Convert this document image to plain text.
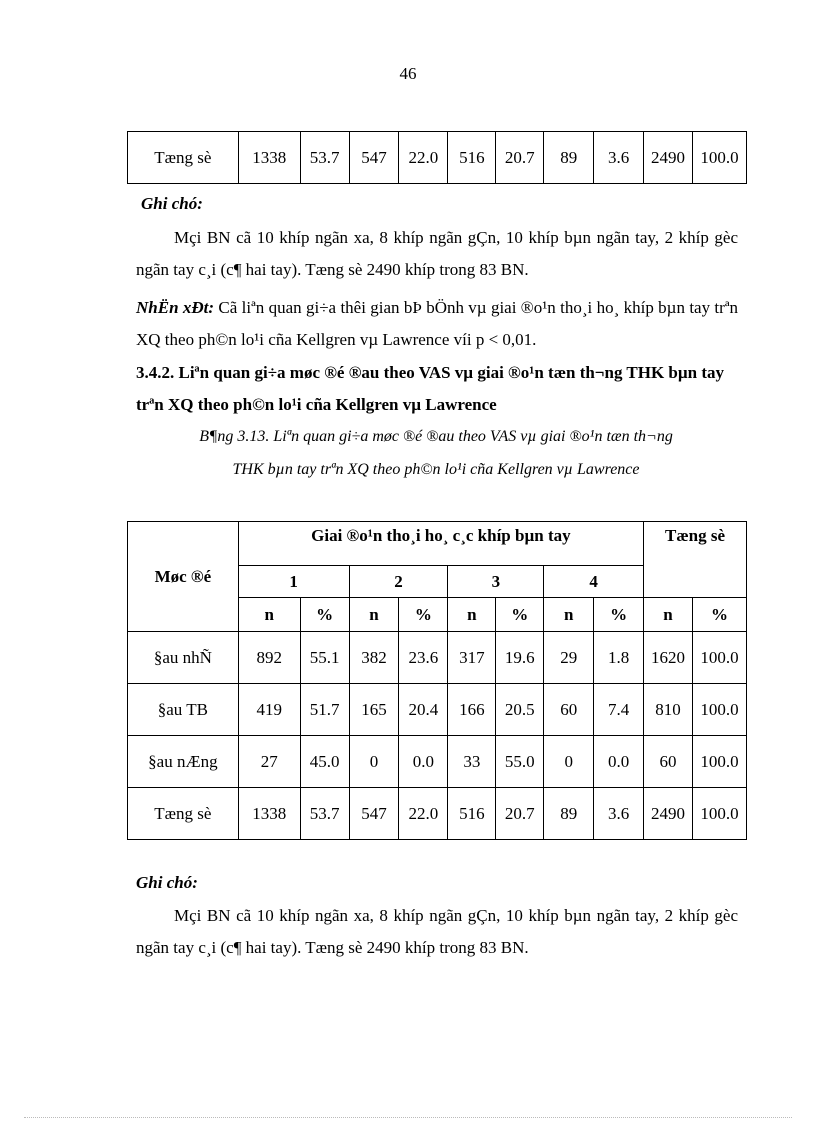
46
Tæng sè	1338	53.7	547	22.0	516	20.7	89	3.6	2490	100.0
Ghi chó:
Mçi BN cã 10 khíp ngãn xa, 8 khíp ngãn gÇn, 10 khíp bµn ngãn tay, 2 khíp gèc ngãn tay c¸i (c¶ hai tay). Tæng sè 2490 khíp trong 83 BN.
NhËn xÐt: Cã liªn quan gi÷a thêi gian bÞ bÖnh vµ giai ®o¹n tho¸i ho¸ khíp bµn tay trªn XQ theo ph©n lo¹i cña Kellgren vµ Lawrence víi p < 0,01.
3.4.2. Liªn quan gi÷a møc ®é ®au theo VAS vµ giai ®o¹n tæn th¬ng THK bµn tay trªn XQ theo ph©n lo¹i cña Kellgren vµ Lawrence
B¶ng 3.13. Liªn quan gi÷a møc ®é ®au theo VAS vµ giai ®o¹n tæn th¬ng
THK bµn tay trªn XQ theo ph©n lo¹i cña Kellgren vµ Lawrence
Møc ®é	Giai ®o¹n tho¸i ho¸ c¸c khíp bµn tay								Tæng sè	
	1		2		3		4			
	n	%	n	%	n	%	n	%	n	%
§au nhÑ	892	55.1	382	23.6	317	19.6	29	1.8	1620	100.0
§au TB	419	51.7	165	20.4	166	20.5	60	7.4	810	100.0
§au nÆng	27	45.0	0	0.0	33	55.0	0	0.0	60	100.0
Tæng sè	1338	53.7	547	22.0	516	20.7	89	3.6	2490	100.0
Ghi chó:
Mçi BN cã 10 khíp ngãn xa, 8 khíp ngãn gÇn, 10 khíp bµn ngãn tay, 2 khíp gèc ngãn tay c¸i (c¶ hai tay). Tæng sè 2490 khíp trong 83 BN.
